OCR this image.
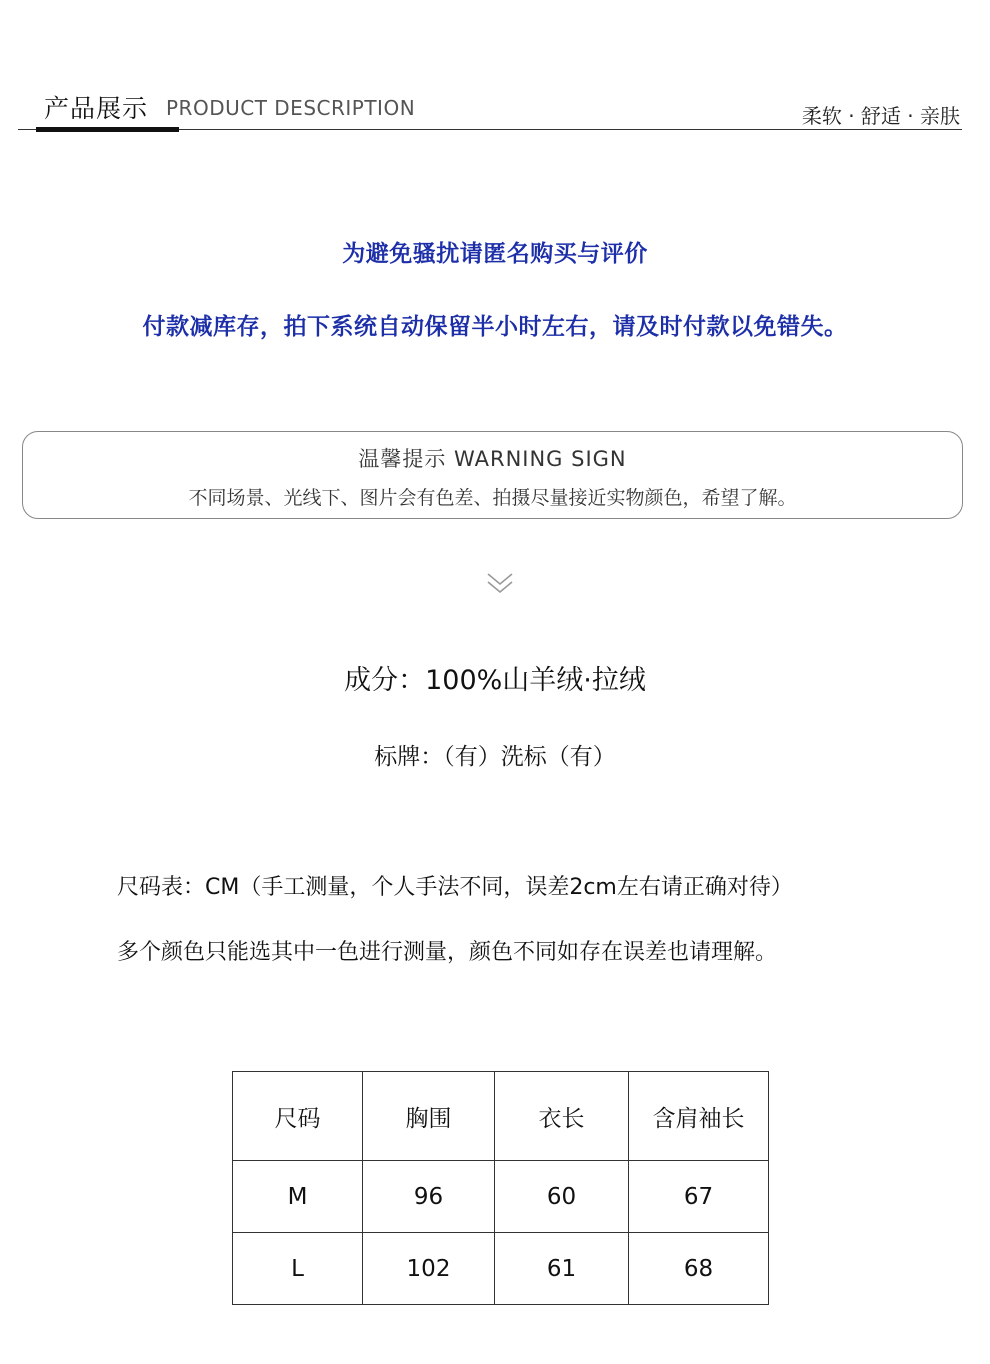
产品展示 PRODUCT DESCRIPTION	柔软 · 舒适 · 亲肤
为避免骚扰请匿名购买与评价
付款减库存，拍下系统自动保留半小时左右，请及时付款以免错失。
温馨提示 WARNING SIGN
不同场景、光线下、图片会有色差、拍摄尽量接近实物颜色，希望了解。
成分：100%山羊绒·拉绒
标牌：（有）洗标（有）
尺码表：CM（手工测量，个人手法不同，误差2cm左右请正确对待）
多个颜色只能选其中一色进行测量，颜色不同如存在误差也请理解。
尺码	胸围	衣长	含肩袖长
M	96	60	67
L	102	61	68
